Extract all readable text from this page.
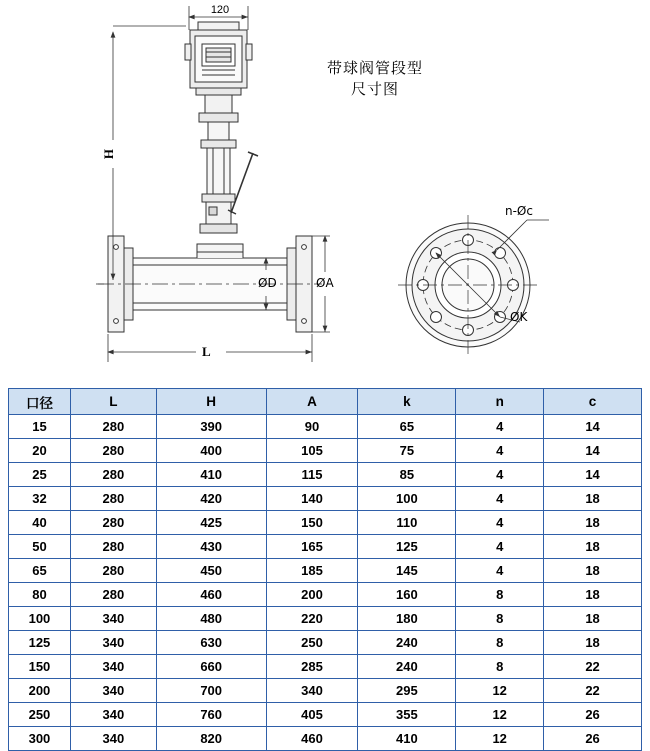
带球阀管段型
尺寸图
120
H
L
ØD	ØA
n-Øc
ØK
口径	L	H	A	k	n	c
15	280	390	90	65	4	14
20	280	400	105	75	4	14
25	280	410	115	85	4	14
32	280	420	140	100	4	18
40	280	425	150	110	4	18
50	280	430	165	125	4	18
65	280	450	185	145	4	18
80	280	460	200	160	8	18
100	340	480	220	180	8	18
125	340	630	250	240	8	18
150	340	660	285	240	8	22
200	340	700	340	295	12	22
250	340	760	405	355	12	26
300	340	820	460	410	12	26
